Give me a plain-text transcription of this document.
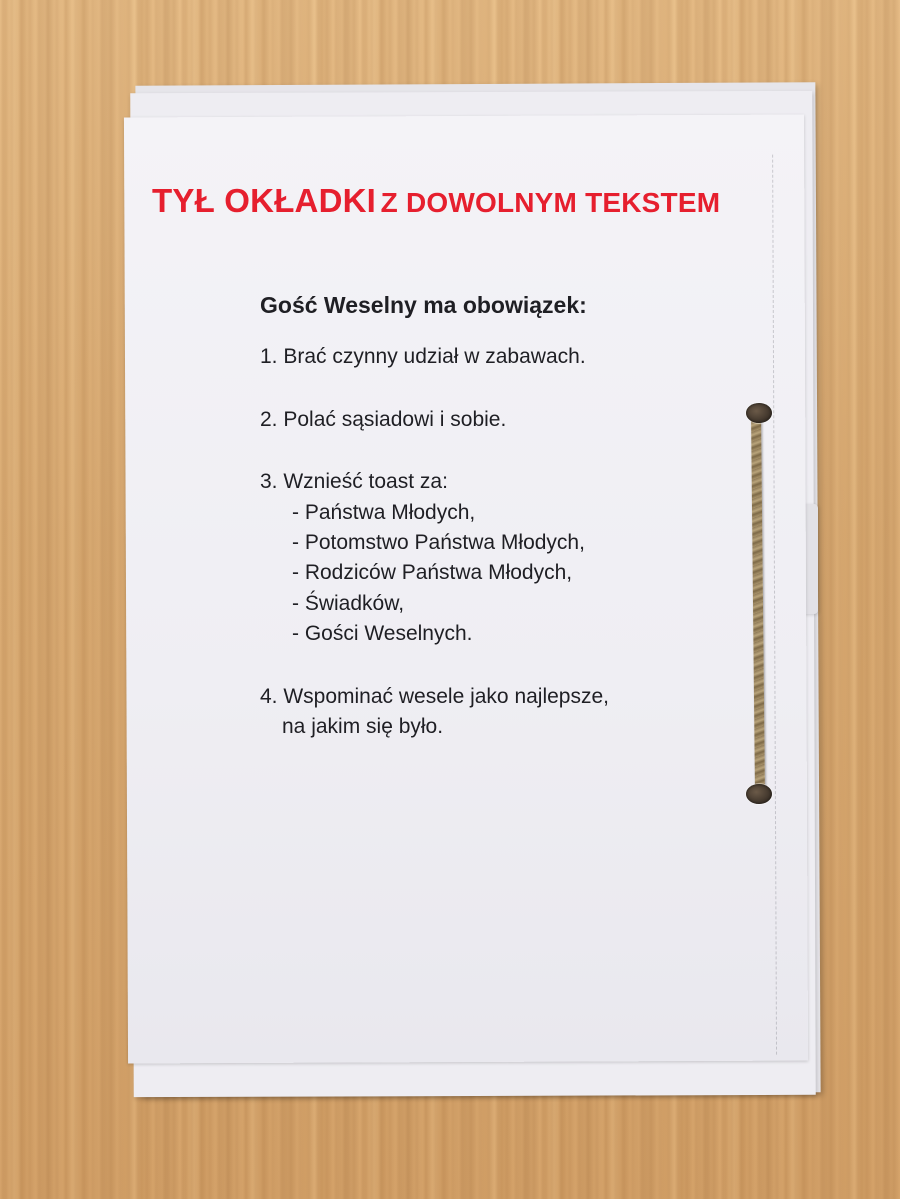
TYŁ OKŁADKI Z DOWOLNYM TEKSTEM
Gość Weselny ma obowiązek:
1. Brać czynny udział w zabawach.
2. Polać sąsiadowi i sobie.
3. Wznieść toast za:
- Państwa Młodych,
- Potomstwo Państwa Młodych,
- Rodziców Państwa Młodych,
- Świadków,
- Gości Weselnych.
4. Wspominać wesele jako najlepsze,
na jakim się było.
